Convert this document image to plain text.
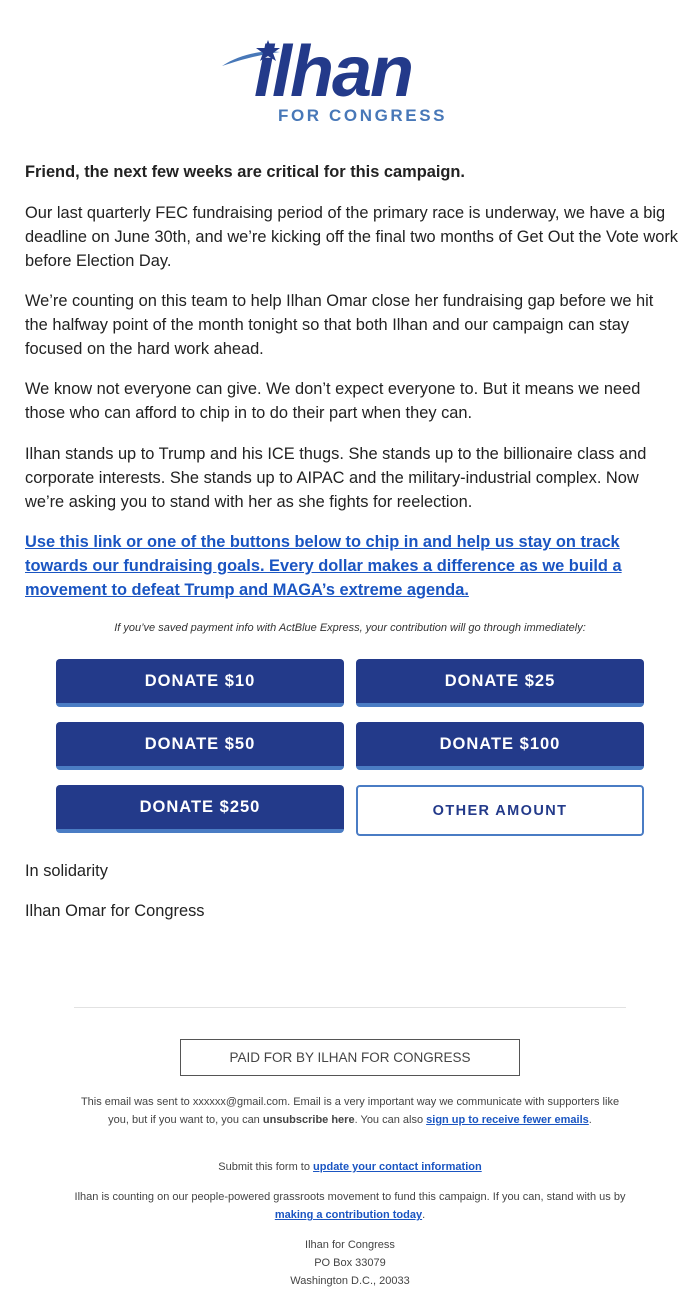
ilhan
FOR CONGRESS
Friend, the next few weeks are critical for this campaign.
Our last quarterly FEC fundraising period of the primary race is underway, we have a big deadline on June 30th, and we’re kicking off the final two months of Get Out the Vote work before Election Day.
We’re counting on this team to help Ilhan Omar close her fundraising gap before we hit the halfway point of the month tonight so that both Ilhan and our campaign can stay focused on the hard work ahead.
We know not everyone can give. We don’t expect everyone to. But it means we need those who can afford to chip in to do their part when they can.
Ilhan stands up to Trump and his ICE thugs. She stands up to the billionaire class and corporate interests. She stands up to AIPAC and the military-industrial complex. Now we’re asking you to stand with her as she fights for reelection.
Use this link or one of the buttons below to chip in and help us stay on track towards our fundraising goals. Every dollar makes a difference as we build a movement to defeat Trump and MAGA’s extreme agenda.
If you’ve saved payment info with ActBlue Express, your contribution will go through immediately:
DONATE $10	DONATE $25
DONATE $50	DONATE $100
DONATE $250	OTHER AMOUNT
In solidarity
Ilhan Omar for Congress
PAID FOR BY ILHAN FOR CONGRESS
This email was sent to xxxxxx@gmail.com. Email is a very important way we communicate with supporters like you, but if you want to, you can unsubscribe here. You can also sign up to receive fewer emails.
Submit this form to update your contact information
Ilhan is counting on our people-powered grassroots movement to fund this campaign. If you can, stand with us by making a contribution today.
Ilhan for Congress
PO Box 33079
Washington D.C., 20033
